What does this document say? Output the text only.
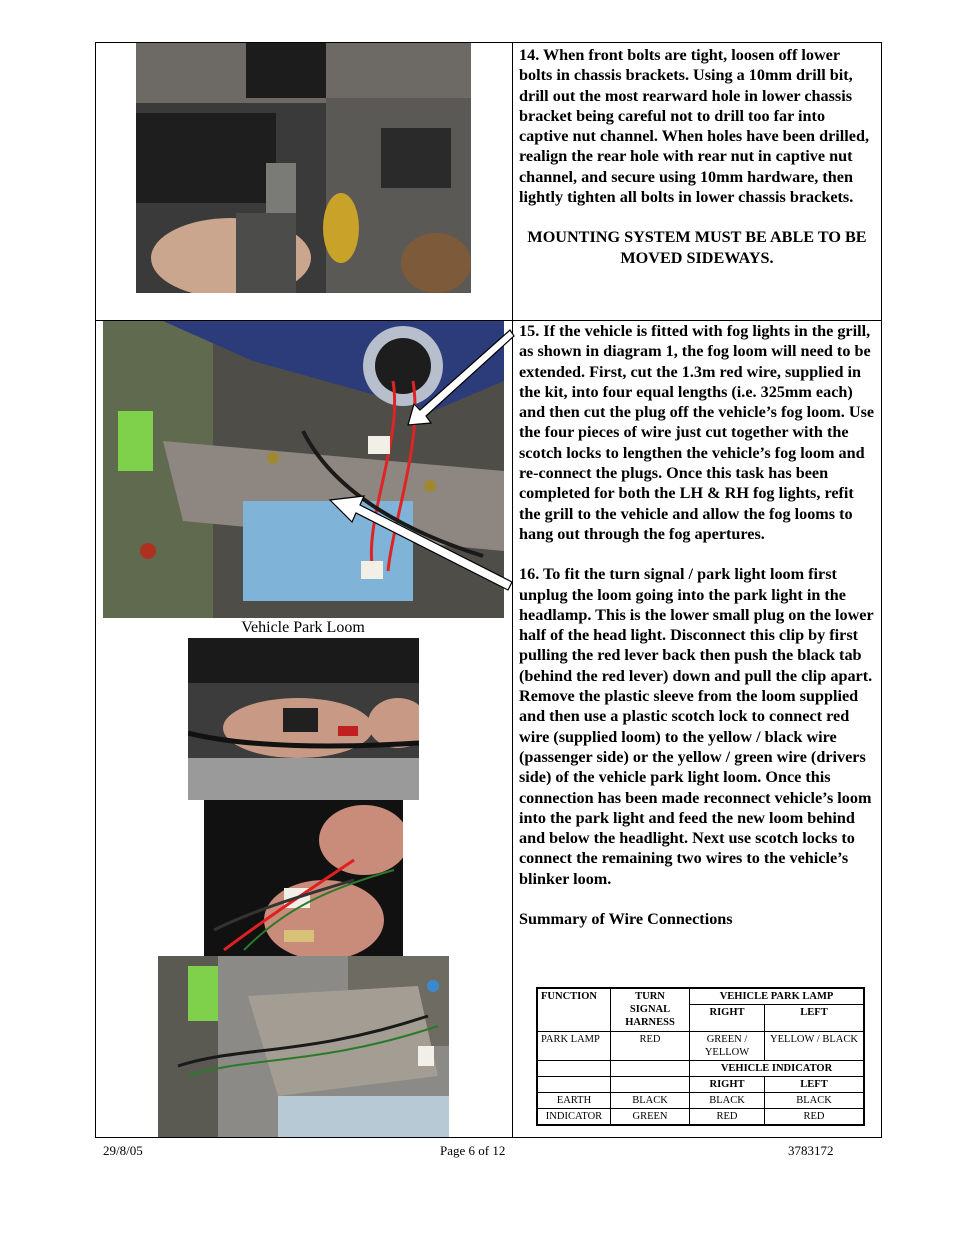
14. When front bolts are tight, loosen off lower bolts in chassis brackets. Using a 10mm drill bit, drill out the most rearward hole in lower chassis bracket being careful not to drill too far into captive nut channel. When holes have been drilled, realign the rear hole with rear nut in captive nut channel, and secure using 10mm hardware, then lightly tighten all bolts in lower chassis brackets.

MOUNTING SYSTEM MUST BE ABLE TO BE MOVED SIDEWAYS.

15. If the vehicle is fitted with fog lights in the grill, as shown in diagram 1, the fog loom will need to be extended. First, cut the 1.3m red wire, supplied in the kit, into four equal lengths (i.e. 325mm each) and then cut the plug off the vehicle’s fog loom. Use the four pieces of wire just cut together with the scotch locks to lengthen the vehicle’s fog loom and re-connect the plugs. Once this task has been completed for both the LH & RH fog lights, refit the grill to the vehicle and allow the fog looms to hang out through the fog apertures.

16. To fit the turn signal / park light loom first unplug the loom going into the park light in the headlamp. This is the lower small plug on the lower half of the head light. Disconnect this clip by first pulling the red lever back then push the black tab (behind the red lever) down and pull the clip apart. Remove the plastic sleeve from the loom supplied and then use a plastic scotch lock to connect red wire (supplied loom) to the yellow / black wire (passenger side) or the yellow / green wire (drivers side) of the vehicle park light loom. Once this connection has been made reconnect vehicle’s loom into the park light and feed the new loom behind and below the headlight. Next use scotch locks to connect the remaining two wires to the vehicle’s blinker loom.

Summary of Wire Connections

Vehicle Park Loom
FUNCTION	TURN SIGNAL HARNESS	VEHICLE PARK LAMP	
		RIGHT	LEFT
PARK LAMP	RED	GREEN / YELLOW	YELLOW / BLACK
		VEHICLE INDICATOR	
		RIGHT	LEFT
EARTH	BLACK	BLACK	BLACK
INDICATOR	GREEN	RED	RED
29/8/05	Page 6 of 12	3783172
